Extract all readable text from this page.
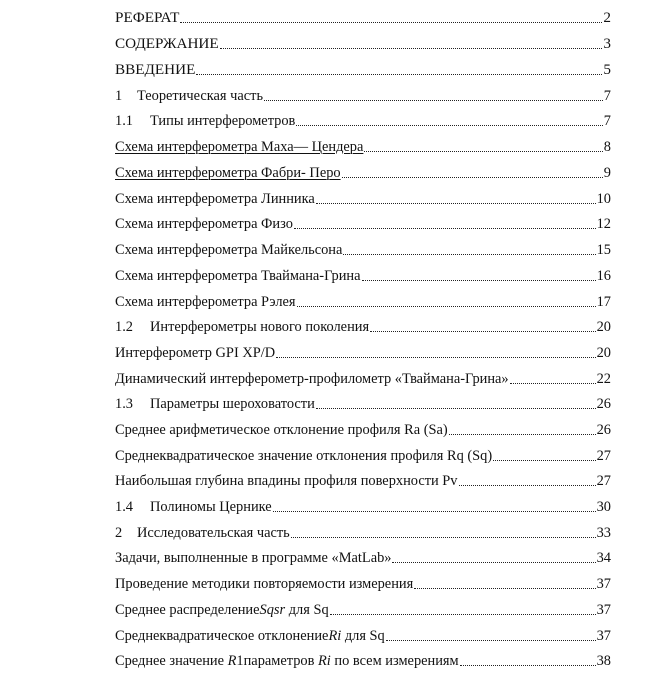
РЕФЕРАТ	2
СОДЕРЖАНИЕ	3
ВВЕДЕНИЕ	5
1	Теоретическая часть	7
1.1	Типы интерферометров	7
Схема интерферометра Маха— Цендера	8
Схема интерферометра Фабри- Перо	9
Схема интерферометра Линника	10
Схема интерферометра Физо	12
Схема интерферометра Майкельсона	15
Схема интерферометра Тваймана-Грина	16
Схема интерферометра Рэлея	17
1.2	Интерферометры нового поколения	20
Интерферометр GPI XP/D	20
Динамический интерферометр-профилометр «Тваймана-Грина»	22
1.3	Параметры шероховатости	26
Среднее арифметическое отклонение профиля Ra (Sa)	26
Среднеквадратическое значение отклонения профиля Rq (Sq)	27
Наибольшая глубина впадины профиля поверхности Pv	27
1.4	Полиномы Цернике	30
2	Исследовательская часть	33
Задачи, выполненные в программе «MatLab»	34
Проведение методики повторяемости измерения	37
Среднее распределениеSqsr для Sq	37
Среднеквадратическое отклонениеRi для Sq	37
Среднее значение R1параметров Ri по всем измерениям	38
